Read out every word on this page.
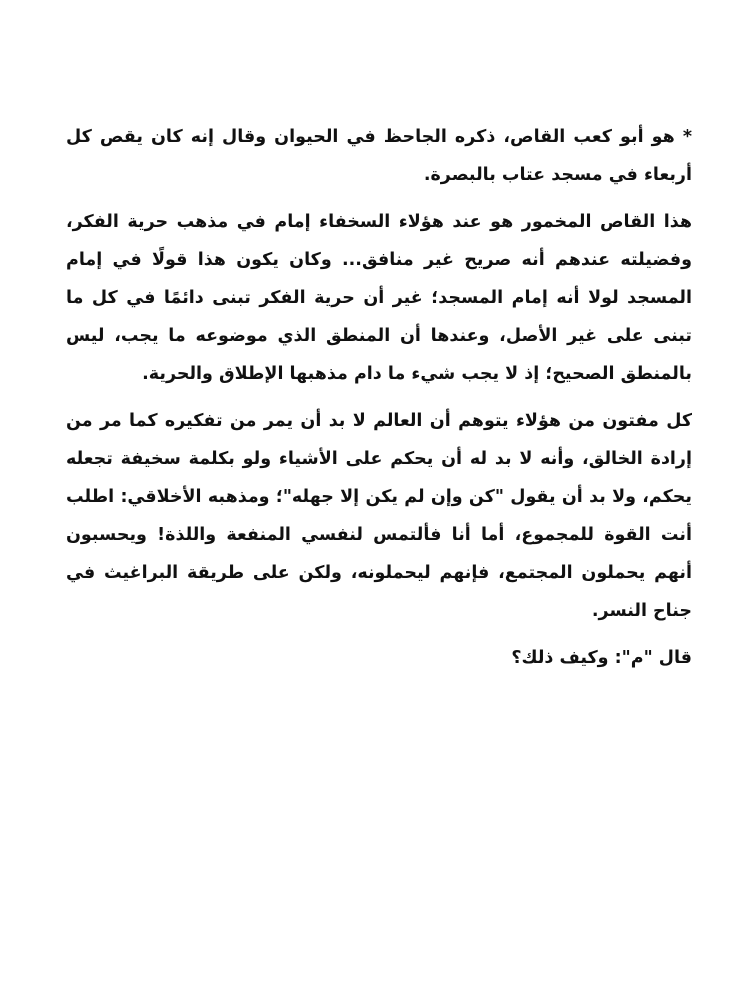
* هو أبو كعب القاص، ذكره الجاحظ في الحيوان وقال إنه كان يقص كل
أربعاء في مسجد عتاب بالبصرة.

هذا القاص المخمور هو عند هؤلاء السخفاء إمام في مذهب حرية الفكر،
وفضيلته عندهم أنه صريح غير منافق... وكان يكون هذا قولًا في إمام
المسجد لولا أنه إمام المسجد؛ غير أن حرية الفكر تبنى دائمًا في كل ما
تبنى على غير الأصل، وعندها أن المنطق الذي موضوعه ما يجب، ليس
بالمنطق الصحيح؛ إذ لا يجب شيء ما دام مذهبها الإطلاق والحرية.

كل مفتون من هؤلاء يتوهم أن العالم لا بد أن يمر من تفكيره كما مر من
إرادة الخالق، وأنه لا بد له أن يحكم على الأشياء ولو بكلمة سخيفة تجعله
يحكم، ولا بد أن يقول "كن وإن لم يكن إلا جهله"؛ ومذهبه الأخلاقي: اطلب
أنت القوة للمجموع، أما أنا فألتمس لنفسي المنفعة واللذة! ويحسبون
أنهم يحملون المجتمع، فإنهم ليحملونه، ولكن على طريقة البراغيث في
جناح النسر.

قال "م": وكيف ذلك؟
